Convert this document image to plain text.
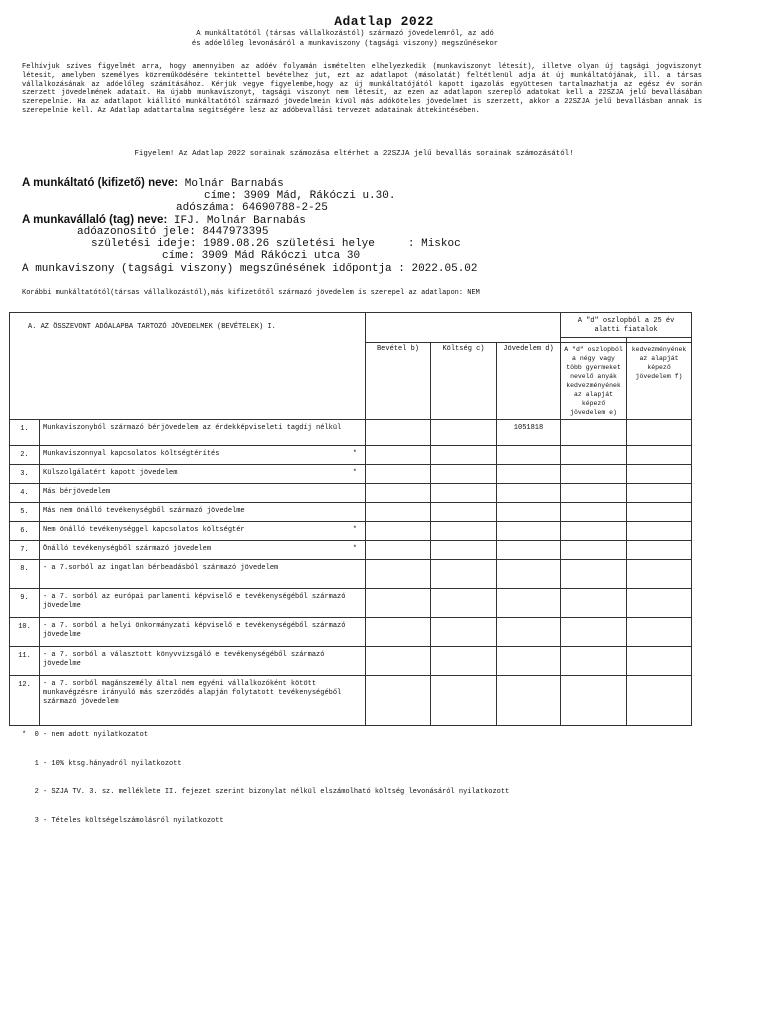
Adatlap 2022
A munkáltatótól (társas vállalkozástól) származó jövedelemről, az adó
és adóelőleg levonásáról a munkaviszony (tagsági viszony) megszűnésekor
Felhívjuk szíves figyelmét arra, hogy amennyiben az adóév folyamán ismételten elhelyezkedik (munkaviszonyt létesít), illetve olyan új tagsági jogviszonyt létesít, amelyben személyes közreműködésére tekintettel bevételhez jut, ezt az adatlapot (másolatát) feltétlenül adja át új munkáltatójának, ill. a társas vállalkozásának az adóelőleg számításához. Kérjük vegye figyelembe,hogy az új munkáltatójától kapott igazolás együttesen tartalmazhatja az egész év során szerzett jövedelmének adatait. Ha újabb munkaviszonyt, tagsági viszonyt nem létesít, az ezen az adatlapon szereplő adatokat kell a 22SZJA jelű bevallásában szerepelnie. Ha az adatlapot kiállító munkáltatótól származó jövedelmein kívül más adóköteles jövedelmet is szerzett, akkor a 22SZJA jelű bevallásban annak is szerepelnie kell. Az Adatlap adattartalma segítségére lesz az adóbevallási tervezet adatainak áttekintésében.
Figyelem! Az Adatlap 2022 sorainak számozása eltérhet a 22SZJA jelű bevallás sorainak számozásától!
A munkáltató (kifizető) neve: Molnár Barnabás
címe: 3909 Mád, Rákóczi u.30.
adószáma: 64690788-2-25
A munkavállaló (tag) neve: IFJ. Molnár Barnabás
adóazonosító jele: 8447973395
születési ideje: 1989.08.26 születési helye	: Miskoc
címe: 3909 Mád Rákóczi utca 30
A munkaviszony (tagsági viszony) megszűnésének időpontja : 2022.05.02
Korábbi munkáltatótól(társas vállalkozástól),más kifizetőtől származó jövedelem is szerepel az adatlapon: NEM
A. AZ ÖSSZEVONT ADÓALAPBA TARTOZÓ JÖVEDELMEK (BEVÉTELEK) I.					A "d" oszlopból a 25 év alatti fiatalok	

		Bevétel b)	Költség c)	Jövedelem d)	A "d" oszlopból a négy vagy több gyermeket nevelő anyák kedvezményének az alapját képező jövedelem e)	kedvezményének az alapját képező jövedelem f)
1.	Munkaviszonyból származó bérjövedelem az érdekképviseleti tagdíj nélkül			1051818		
2.	Munkaviszonnyal kapcsolatos költségtérítés *					

3.	Külszolgálatért kapott jövedelem *					

4.	Más bérjövedelem

5.	Más nem önálló tevékenységből származó jövedelme

6.	Nem önálló tevékenységgel kapcsolatos költségtér *					

7.	Önálló tevékenységből származó jövedelem *					

8.	- a 7.sorból az ingatlan bérbeadásból származó jövedelem

9.	- a 7. sorból az európai parlamenti képviselő e tevékenységéből származó jövedelme

10.	- a 7. sorból a helyi önkormányzati képviselő e tevékenységéből származó jövedelme

11.	- a 7. sorból a választott könyvvizsgáló e tevékenységéből származó jövedelme

12.	- a 7. sorból magánszemély által nem egyéni vállalkozóként kötött munkavégzésre irányuló más szerződés alapján folytatott tevékenységéből származó jövedelem

*  0 - nem adott nyilatkozatot

1 - 10% ktsg.hányadról nyilatkozott

2 - SZJA TV. 3. sz. melléklete II. fejezet szerint bizonylat nélkül elszámolható költség levonásáról nyilatkozott

3 - Tételes költségelszámolásról nyilatkozott
